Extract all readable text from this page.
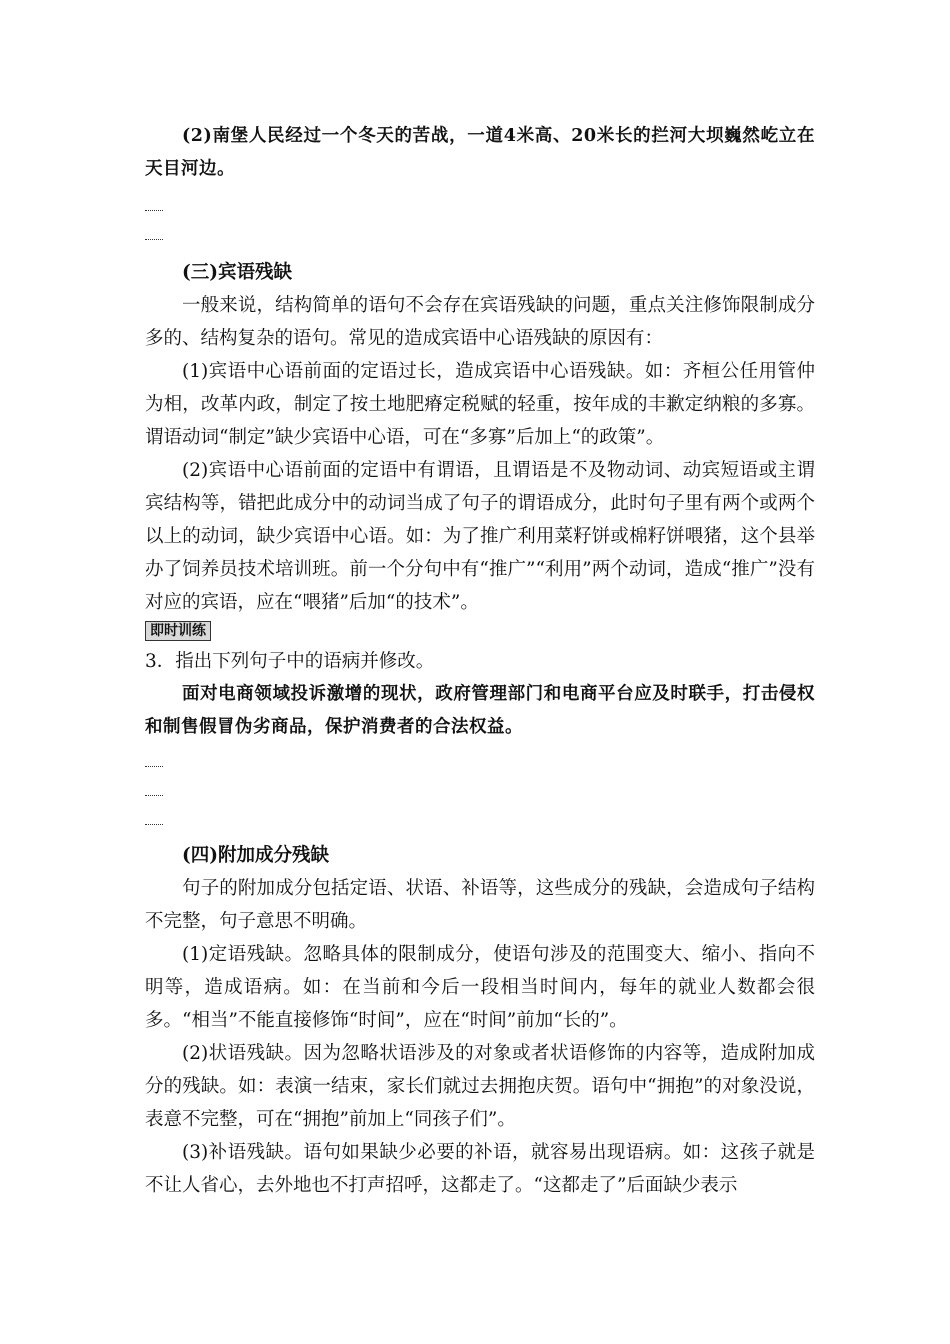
(2)南堡人民经过一个冬天的苦战，一道4米高、20米长的拦河大坝巍然屹立在天目河边。

(三)宾语残缺

一般来说，结构简单的语句不会存在宾语残缺的问题，重点关注修饰限制成分多的、结构复杂的语句。常见的造成宾语中心语残缺的原因有：

(1)宾语中心语前面的定语过长，造成宾语中心语残缺。如：齐桓公任用管仲为相，改革内政，制定了按土地肥瘠定税赋的轻重，按年成的丰歉定纳粮的多寡。谓语动词“制定”缺少宾语中心语，可在“多寡”后加上“的政策”。

(2)宾语中心语前面的定语中有谓语，且谓语是不及物动词、动宾短语或主谓宾结构等，错把此成分中的动词当成了句子的谓语成分，此时句子里有两个或两个以上的动词，缺少宾语中心语。如：为了推广利用菜籽饼或棉籽饼喂猪，这个县举办了饲养员技术培训班。前一个分句中有“推广”“利用”两个动词，造成“推广”没有对应的宾语，应在“喂猪”后加“的技术”。

即时训练

3．指出下列句子中的语病并修改。

面对电商领域投诉激增的现状，政府管理部门和电商平台应及时联手，打击侵权和制售假冒伪劣商品，保护消费者的合法权益。

(四)附加成分残缺

句子的附加成分包括定语、状语、补语等，这些成分的残缺，会造成句子结构不完整，句子意思不明确。

(1)定语残缺。忽略具体的限制成分，使语句涉及的范围变大、缩小、指向不明等，造成语病。如：在当前和今后一段相当时间内，每年的就业人数都会很多。“相当”不能直接修饰“时间”，应在“时间”前加“长的”。

(2)状语残缺。因为忽略状语涉及的对象或者状语修饰的内容等，造成附加成分的残缺。如：表演一结束，家长们就过去拥抱庆贺。语句中“拥抱”的对象没说，表意不完整，可在“拥抱”前加上“同孩子们”。

(3)补语残缺。语句如果缺少必要的补语，就容易出现语病。如：这孩子就是不让人省心，去外地也不打声招呼，这都走了。“这都走了”后面缺少表示
